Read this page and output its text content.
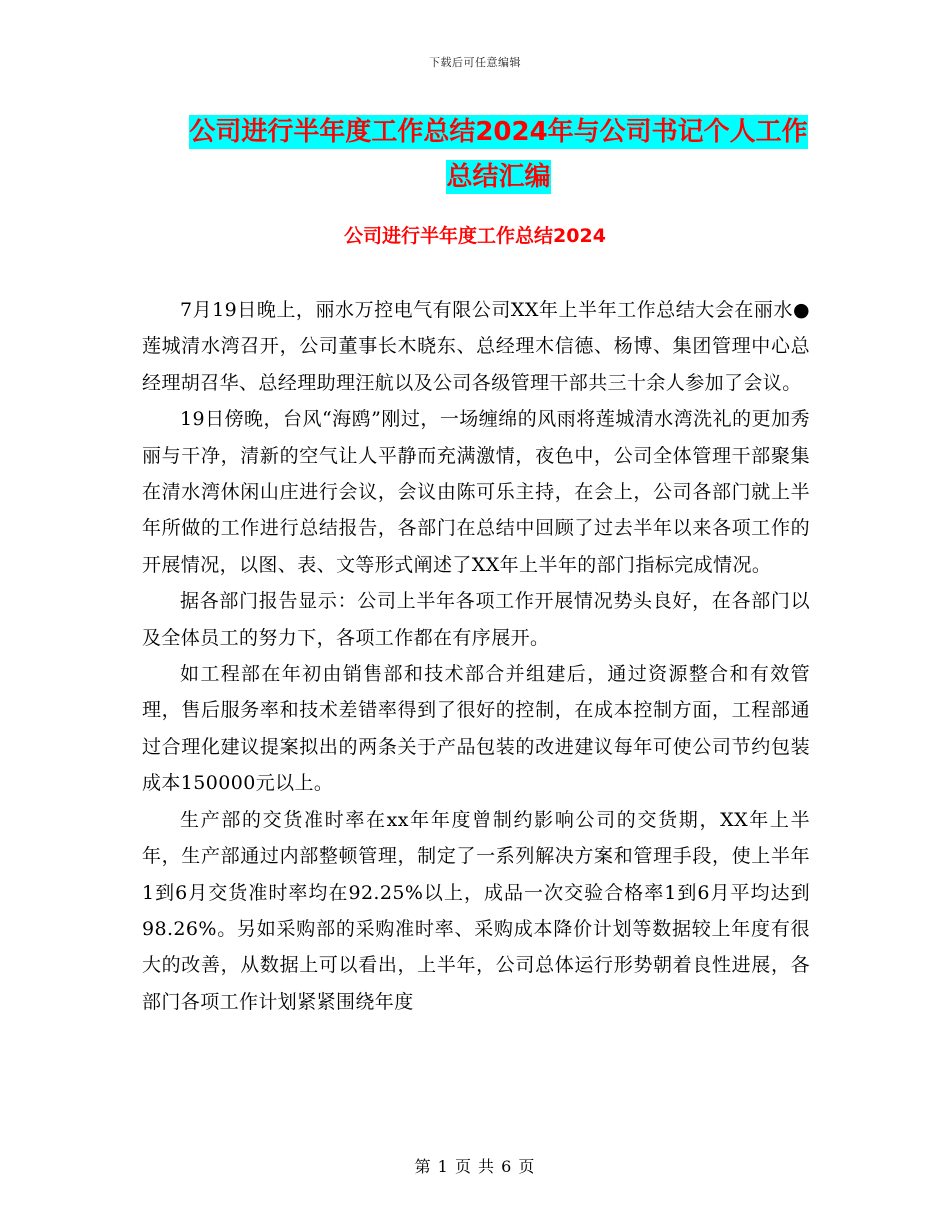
下载后可任意编辑
公司进行半年度工作总结2024年与公司书记个人工作
总结汇编
公司进行半年度工作总结2024

7月19日晚上，丽水万控电气有限公司XX年上半年工作总结大会在丽水●莲城清水湾召开，公司董事长木晓东、总经理木信德、杨博、集团管理中心总经理胡召华、总经理助理汪航以及公司各级管理干部共三十余人参加了会议。

19日傍晚，台风“海鸥”刚过，一场缠绵的风雨将莲城清水湾洗礼的更加秀丽与干净，清新的空气让人平静而充满激情，夜色中，公司全体管理干部聚集在清水湾休闲山庄进行会议，会议由陈可乐主持，在会上，公司各部门就上半年所做的工作进行总结报告，各部门在总结中回顾了过去半年以来各项工作的开展情况，以图、表、文等形式阐述了XX年上半年的部门指标完成情况。

据各部门报告显示：公司上半年各项工作开展情况势头良好，在各部门以及全体员工的努力下，各项工作都在有序展开。

如工程部在年初由销售部和技术部合并组建后，通过资源整合和有效管理，售后服务率和技术差错率得到了很好的控制，在成本控制方面，工程部通过合理化建议提案拟出的两条关于产品包装的改进建议每年可使公司节约包装成本150000元以上。

生产部的交货准时率在xx年年度曾制约影响公司的交货期，XX年上半年，生产部通过内部整顿管理，制定了一系列解决方案和管理手段，使上半年1到6月交货准时率均在92.25%以上，成品一次交验合格率1到6月平均达到98.26%。另如采购部的采购准时率、采购成本降价计划等数据较上年度有很大的改善，从数据上可以看出，上半年，公司总体运行形势朝着良性进展，各部门各项工作计划紧紧围绕年度

第 1 页 共 6 页
